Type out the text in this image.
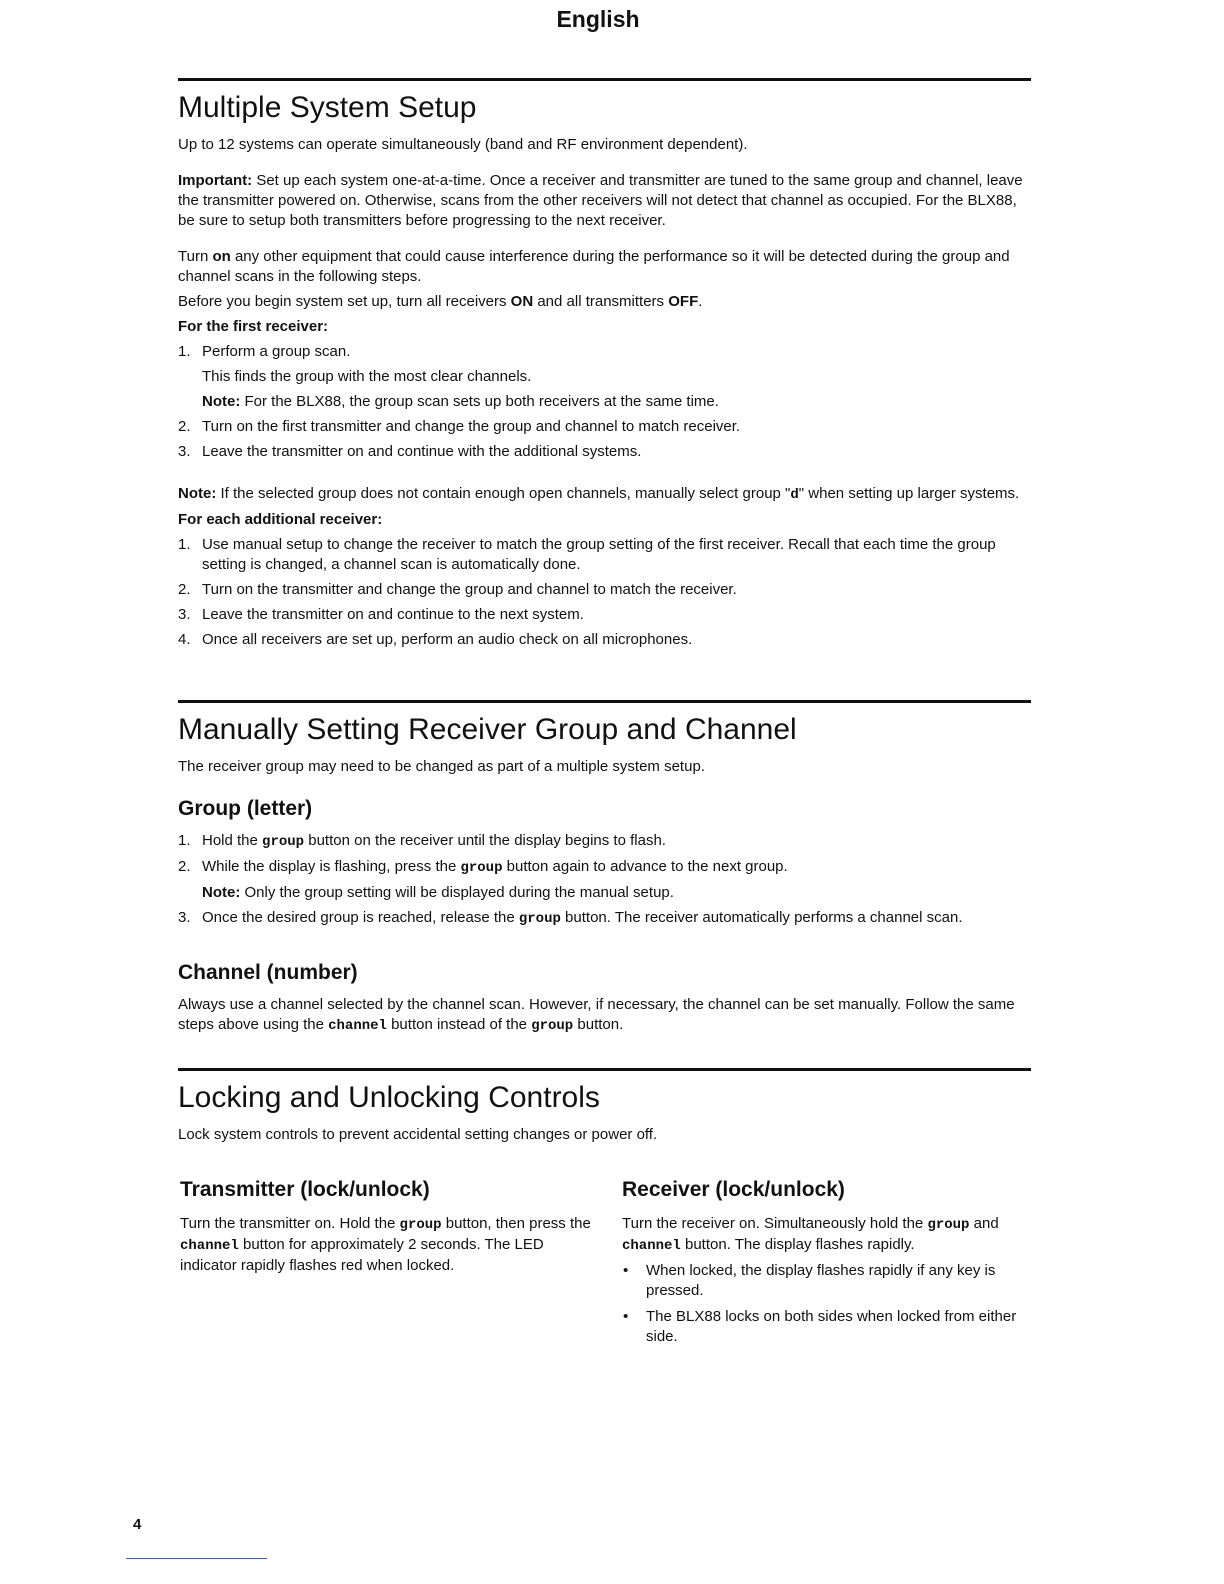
English
Multiple System Setup

Up to 12 systems can operate simultaneously (band and RF environment dependent).

Important: Set up each system one-at-a-time. Once a receiver and transmitter are tuned to the same group and channel, leave the transmitter powered on. Otherwise, scans from the other receivers will not detect that channel as occupied. For the BLX88, be sure to setup both transmitters before progressing to the next receiver.

Turn on any other equipment that could cause interference during the performance so it will be detected during the group and channel scans in the following steps.

Before you begin system set up, turn all receivers ON and all transmitters OFF.

For the first receiver:

1. Perform a group scan.
This finds the group with the most clear channels.
Note: For the BLX88, the group scan sets up both receivers at the same time.
2. Turn on the first transmitter and change the group and channel to match receiver.
3. Leave the transmitter on and continue with the additional systems.

Note: If the selected group does not contain enough open channels, manually select group "d" when setting up larger systems.

For each additional receiver:

1. Use manual setup to change the receiver to match the group setting of the first receiver. Recall that each time the group setting is changed, a channel scan is automatically done.
2. Turn on the transmitter and change the group and channel to match the receiver.
3. Leave the transmitter on and continue to the next system.
4. Once all receivers are set up, perform an audio check on all microphones.
Manually Setting Receiver Group and Channel

The receiver group may need to be changed as part of a multiple system setup.

Group (letter)
1. Hold the group button on the receiver until the display begins to flash.
2. While the display is flashing, press the group button again to advance to the next group.
Note: Only the group setting will be displayed during the manual setup.
3. Once the desired group is reached, release the group button. The receiver automatically performs a channel scan.
Channel (number)

Always use a channel selected by the channel scan. However, if necessary, the channel can be set manually. Follow the same steps above using the channel button instead of the group button.

Locking and Unlocking Controls

Lock system controls to prevent accidental setting changes or power off.

Transmitter (lock/unlock)

Turn the transmitter on. Hold the group button, then press the channel button for approximately 2 seconds. The LED indicator rapidly flashes red when locked.

Receiver (lock/unlock)

Turn the receiver on. Simultaneously hold the group and channel button. The display flashes rapidly.

• When locked, the display flashes rapidly if any key is pressed.
• The BLX88 locks on both sides when locked from either side.
4
